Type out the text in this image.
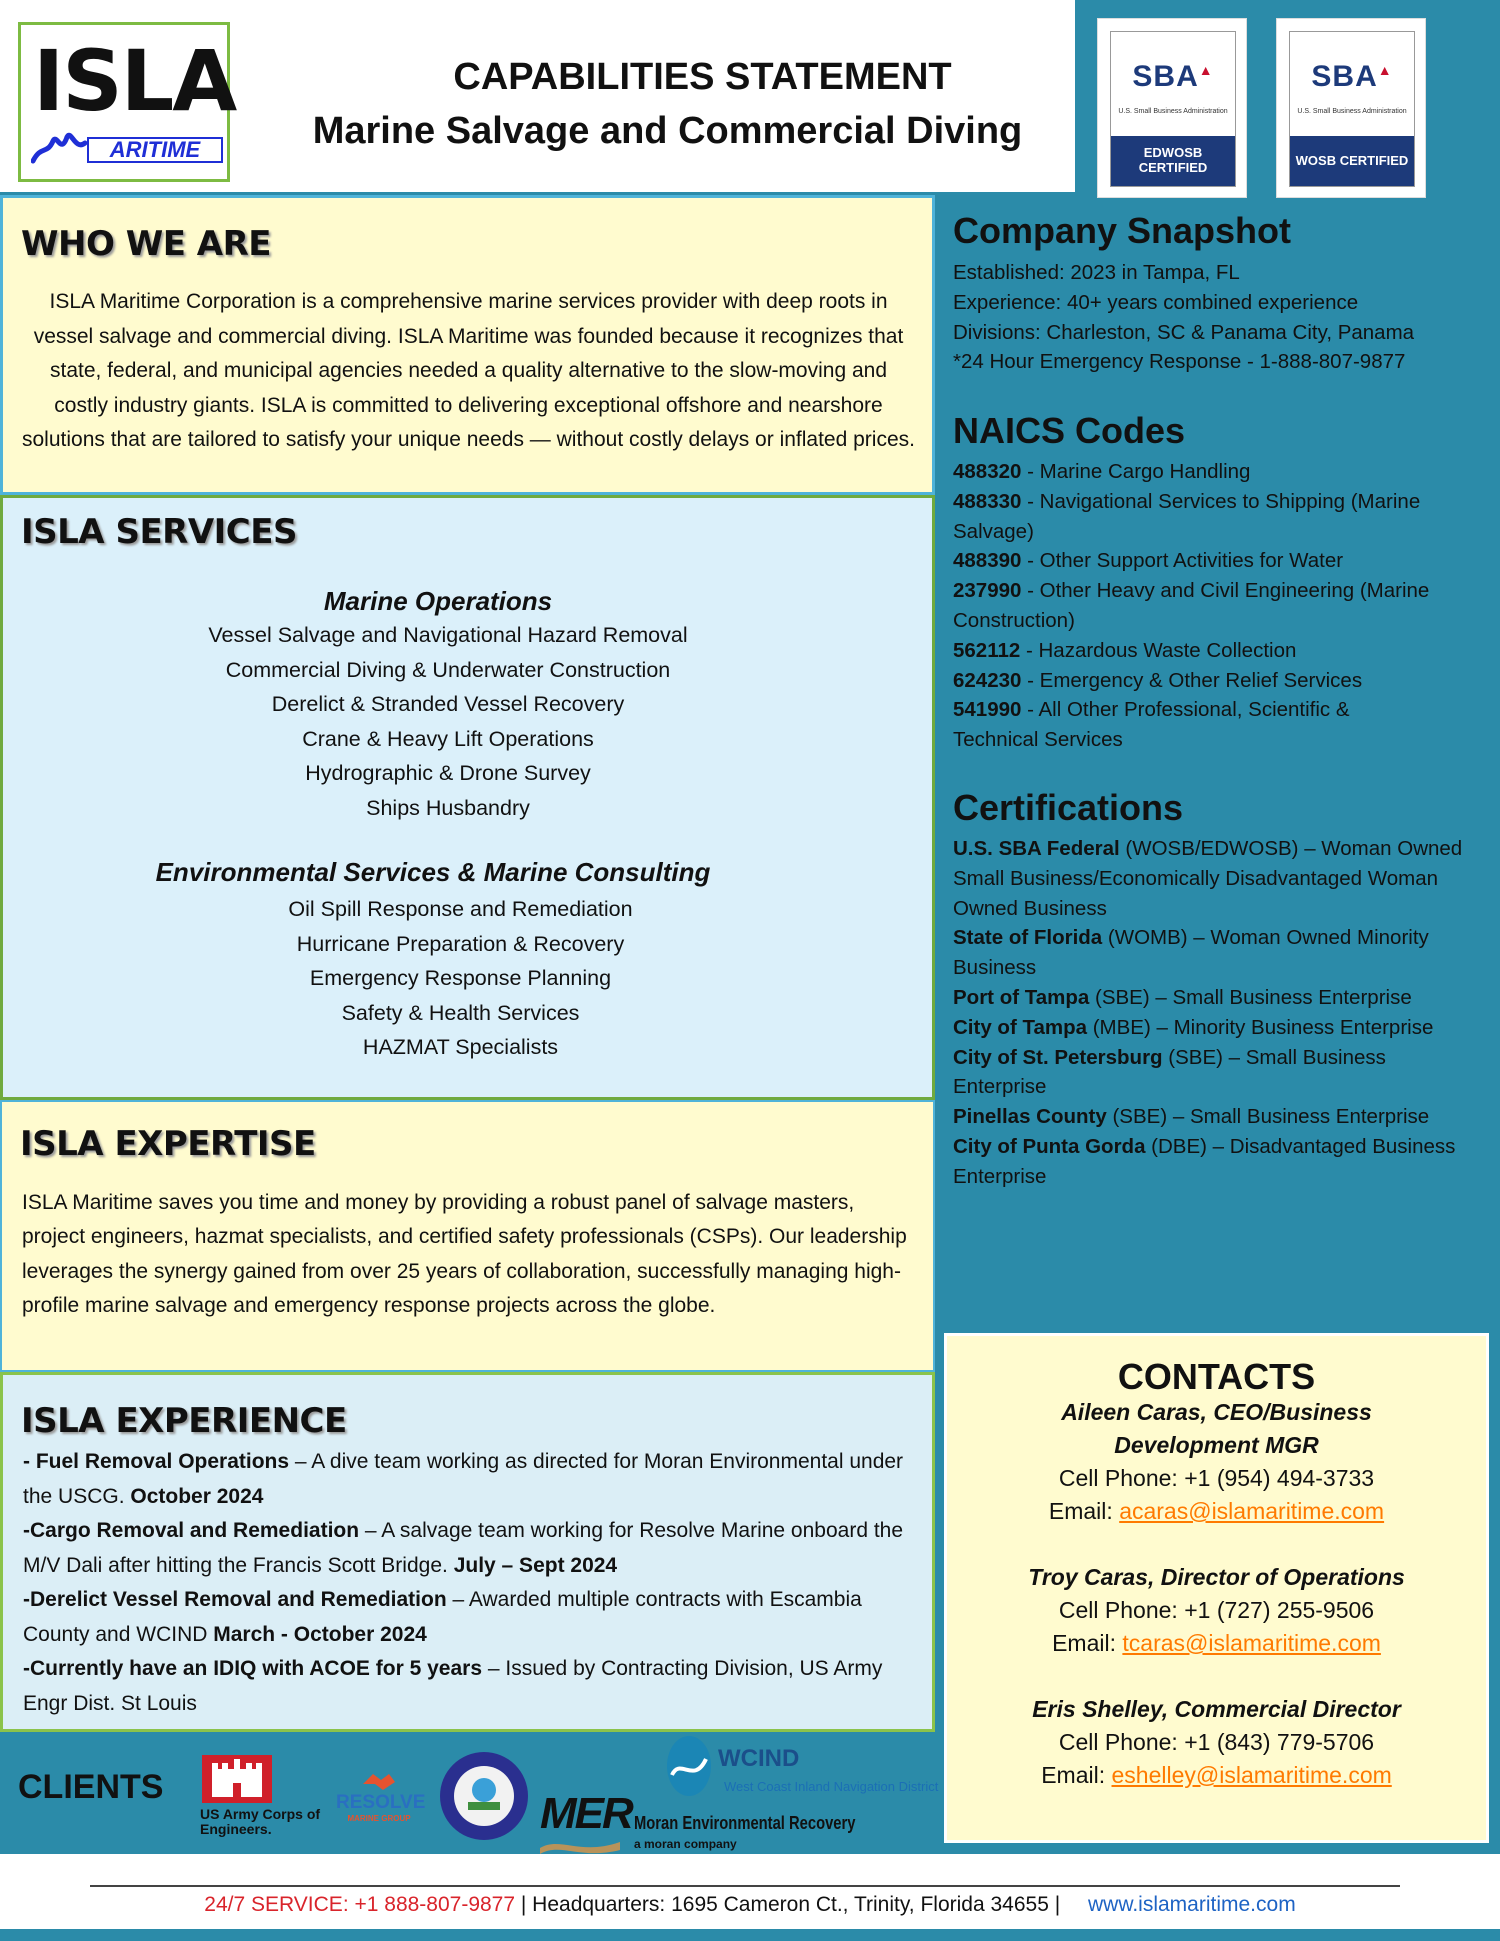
ISLA
ARITIME
CAPABILITIES STATEMENT
Marine Salvage and Commercial Diving
SBA▲
U.S. Small Business Administration
EDWOSB CERTIFIED
SBA▲
U.S. Small Business Administration
WOSB CERTIFIED
WHO WE ARE
ISLA Maritime Corporation is a comprehensive marine services provider with deep roots in vessel salvage and commercial diving. ISLA Maritime was founded because it recognizes that state, federal, and municipal agencies needed a quality alternative to the slow-moving and costly industry giants. ISLA is committed to delivering exceptional offshore and nearshore solutions that are tailored to satisfy your unique needs — without costly delays or inflated prices.
ISLA SERVICES
Marine Operations
Vessel Salvage and Navigational Hazard Removal
Commercial Diving & Underwater Construction
Derelict & Stranded Vessel Recovery
Crane & Heavy Lift Operations
Hydrographic & Drone Survey
Ships Husbandry
Environmental Services & Marine Consulting
Oil Spill Response and Remediation
Hurricane Preparation & Recovery
Emergency Response Planning
Safety & Health Services
HAZMAT Specialists
ISLA EXPERTISE
ISLA Maritime saves you time and money by providing a robust panel of salvage masters, project engineers, hazmat specialists, and certified safety professionals (CSPs). Our leadership leverages the synergy gained from over 25 years of collaboration, successfully managing high-profile marine salvage and emergency response projects across the globe.
ISLA EXPERIENCE
- Fuel Removal Operations – A dive team working as directed for Moran Environmental under the USCG. October 2024
-Cargo Removal and Remediation – A salvage team working for Resolve Marine onboard the M/V Dali after hitting the Francis Scott Bridge. July – Sept 2024
-Derelict Vessel Removal and Remediation – Awarded multiple contracts with Escambia County and WCIND March - October 2024
-Currently have an IDIQ with ACOE for 5 years – Issued by Contracting Division, US Army Engr Dist. St Louis
CLIENTS
US Army Corps of Engineers.
RESOLVE
MARINE GROUP	MER
WCIND
West Coast Inland Navigation District
Moran Environmental Recovery
a moran company
Company Snapshot
Established: 2023 in Tampa, FL
Experience: 40+ years combined experience
Divisions: Charleston, SC & Panama City, Panama
*24 Hour Emergency Response - 1-888-807-9877
NAICS Codes
488320 - Marine Cargo Handling
488330 - Navigational Services to Shipping (Marine Salvage)
488390 - Other Support Activities for Water
237990 - Other Heavy and Civil Engineering (Marine Construction)
562112 - Hazardous Waste Collection
624230 - Emergency & Other Relief Services
541990 - All Other Professional, Scientific & Technical Services
Certifications
U.S. SBA Federal (WOSB/EDWOSB) – Woman Owned Small Business/Economically Disadvantaged Woman Owned Business
State of Florida (WOMB) – Woman Owned Minority Business
Port of Tampa (SBE) – Small Business Enterprise
City of Tampa (MBE) – Minority Business Enterprise
City of St. Petersburg (SBE) – Small Business Enterprise
Pinellas County (SBE) – Small Business Enterprise
City of Punta Gorda (DBE) – Disadvantaged Business Enterprise
CONTACTS
Aileen Caras, CEO/Business Development MGR
Cell Phone: +1 (954) 494-3733
Email: acaras@islamaritime.com
Troy Caras, Director of Operations
Cell Phone: +1 (727) 255-9506
Email: tcaras@islamaritime.com
Eris Shelley, Commercial Director
Cell Phone: +1 (843) 779-5706
Email: eshelley@islamaritime.com
24/7 SERVICE: +1 888-807-9877 | Headquarters: 1695 Cameron Ct., Trinity, Florida 34655 | www.islamaritime.com
